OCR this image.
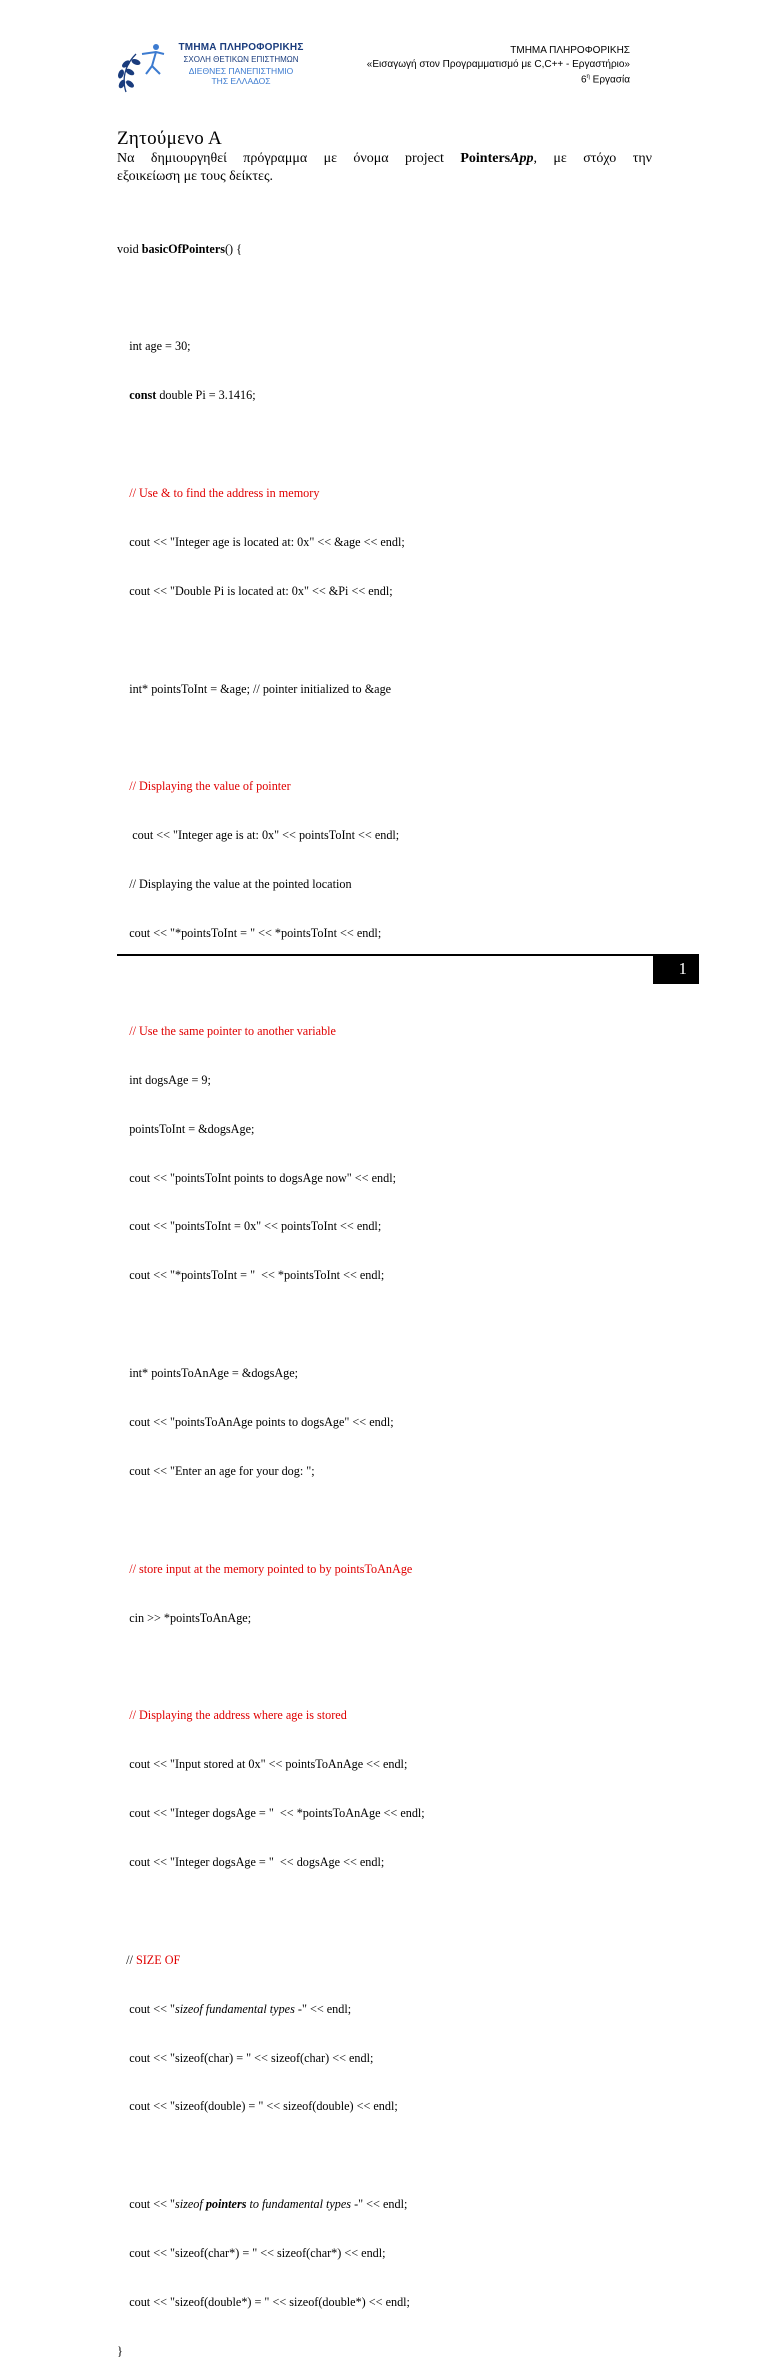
ΤΜΗΜΑ ΠΛΗΡΟΦΟΡΙΚΗΣ
ΣΧΟΛΗ ΘΕΤΙΚΩΝ ΕΠΙΣΤΗΜΩΝ
ΔΙΕΘΝΕΣ ΠΑΝΕΠΙΣΤΗΜΙΟ
ΤΗΣ ΕΛΛΑΔΟΣ
ΤΜΗΜΑ ΠΛΗΡΟΦΟΡΙΚΗΣ
«Εισαγωγή στον Προγραμματισμό με C,C++ - Εργαστήριο»
$6^\eta$ Εργασία
Ζητούμενο Α
Να δημιουργηθεί πρόγραμμα με όνομα project PointersApp, με στόχο την
εξοικείωση με τους δείκτες.

void basicOfPointers() {

int age = 30;

const double Pi = 3.1416;

// Use & to find the address in memory

cout << "Integer age is located at: 0x" << &age << endl;

cout << "Double Pi is located at: 0x" << &Pi << endl;

int* pointsToInt = &age; // pointer initialized to &age

// Displaying the value of pointer

cout << "Integer age is at: 0x" << pointsToInt << endl;

// Displaying the value at the pointed location

cout << "*pointsToInt = " << *pointsToInt << endl;

// Use the same pointer to another variable

int dogsAge = 9;

pointsToInt = &dogsAge;

cout << "pointsToInt points to dogsAge now" << endl;

cout << "pointsToInt = 0x" << pointsToInt << endl;

cout << "*pointsToInt = "  << *pointsToInt << endl;

int* pointsToAnAge = &dogsAge;

cout << "pointsToAnAge points to dogsAge" << endl;

cout << "Enter an age for your dog: ";

// store input at the memory pointed to by pointsToAnAge

cin >> *pointsToAnAge;

// Displaying the address where age is stored

cout << "Input stored at 0x" << pointsToAnAge << endl;

cout << "Integer dogsAge = "  << *pointsToAnAge << endl;

cout << "Integer dogsAge = "  << dogsAge << endl;

// SIZE OF

cout << "sizeof fundamental types -" << endl;

cout << "sizeof(char) = " << sizeof(char) << endl;

cout << "sizeof(double) = " << sizeof(double) << endl;

cout << "sizeof pointers to fundamental types -" << endl;

cout << "sizeof(char*) = " << sizeof(char*) << endl;

cout << "sizeof(double*) = " << sizeof(double*) << endl;

}

1
